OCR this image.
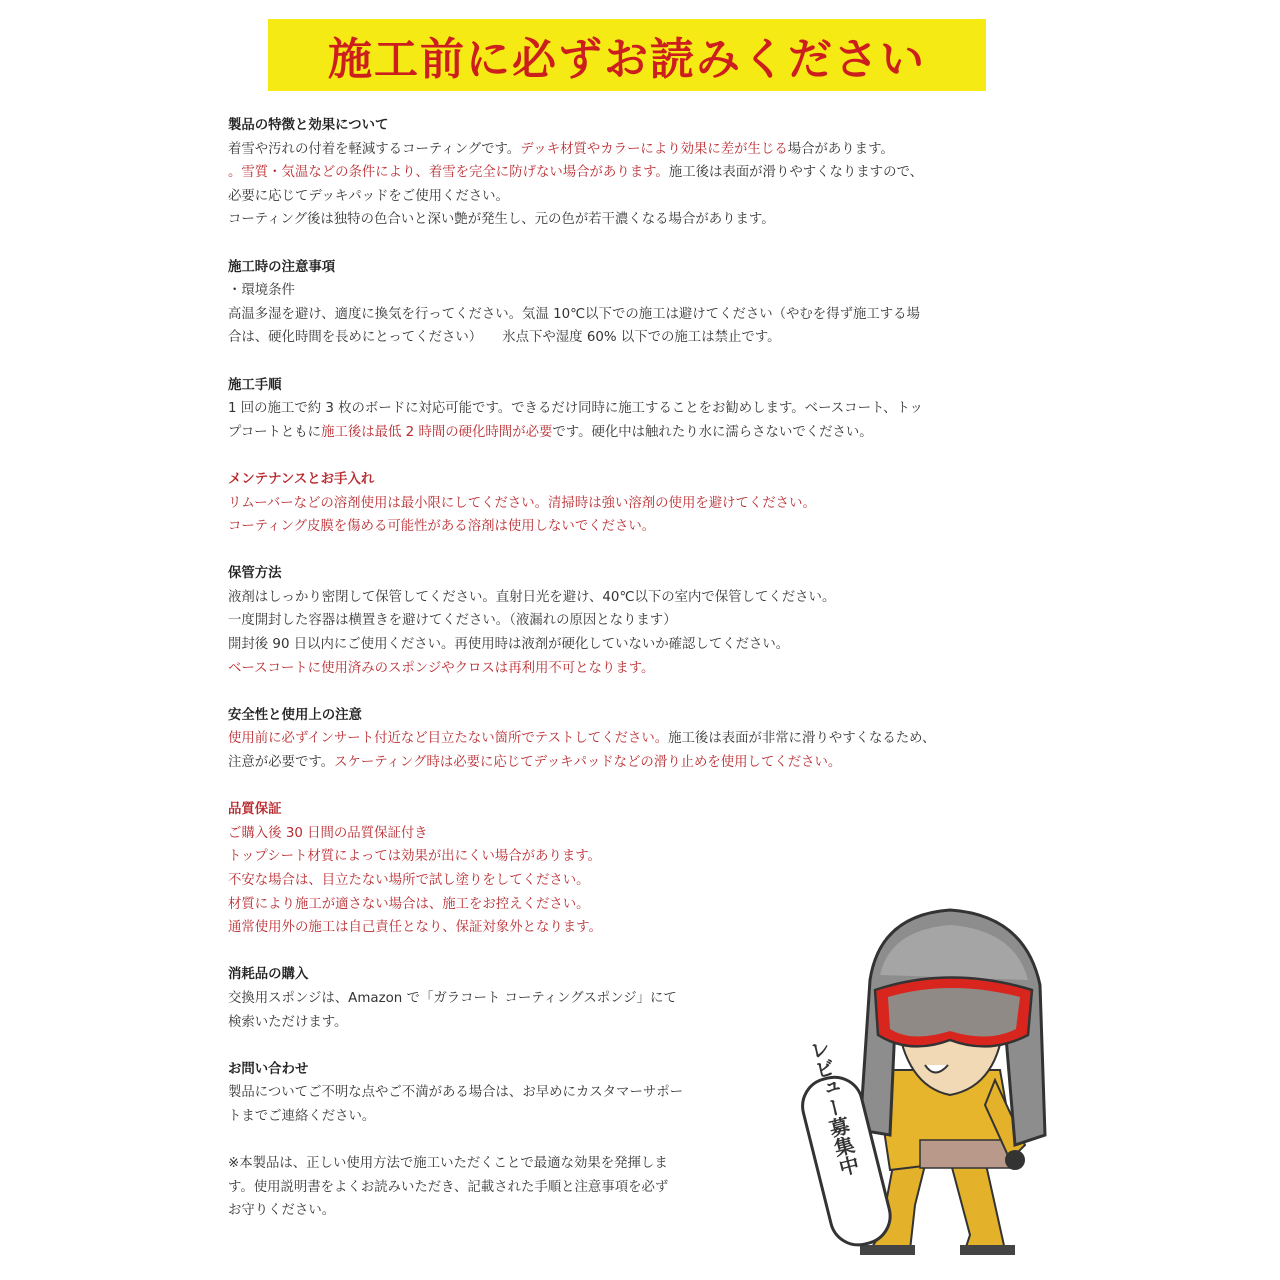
施工前に必ずお読みください
製品の特徴と効果について
着雪や汚れの付着を軽減するコーティングです。デッキ材質やカラーにより効果に差が生じる場合があります。
。雪質・気温などの条件により、着雪を完全に防げない場合があります。施工後は表面が滑りやすくなりますので、
必要に応じてデッキパッドをご使用ください。
コーティング後は独特の色合いと深い艶が発生し、元の色が若干濃くなる場合があります。
施工時の注意事項
・環境条件
高温多湿を避け、適度に換気を行ってください。気温 10℃以下での施工は避けてください（やむを得ず施工する場
合は、硬化時間を長めにとってください）　　氷点下や湿度 60% 以下での施工は禁止です。
施工手順
1 回の施工で約 3 枚のボードに対応可能です。できるだけ同時に施工することをお勧めします。ベースコート、トッ
プコートともに施工後は最低 2 時間の硬化時間が必要です。硬化中は触れたり水に濡らさないでください。
メンテナンスとお手入れ
リムーバーなどの溶剤使用は最小限にしてください。清掃時は強い溶剤の使用を避けてください。
コーティング皮膜を傷める可能性がある溶剤は使用しないでください。
保管方法
液剤はしっかり密閉して保管してください。直射日光を避け、40℃以下の室内で保管してください。
一度開封した容器は横置きを避けてください。（液漏れの原因となります）
開封後 90 日以内にご使用ください。再使用時は液剤が硬化していないか確認してください。
ベースコートに使用済みのスポンジやクロスは再利用不可となります。
安全性と使用上の注意
使用前に必ずインサート付近など目立たない箇所でテストしてください。施工後は表面が非常に滑りやすくなるため、
注意が必要です。スケーティング時は必要に応じてデッキパッドなどの滑り止めを使用してください。
品質保証
ご購入後 30 日間の品質保証付き
トップシート材質によっては効果が出にくい場合があります。
不安な場合は、目立たない場所で試し塗りをしてください。
材質により施工が適さない場合は、施工をお控えください。
通常使用外の施工は自己責任となり、保証対象外となります。
消耗品の購入
交換用スポンジは、Amazon で「ガラコート コーティングスポンジ」にて
検索いただけます。
お問い合わせ
製品についてご不明な点やご不満がある場合は、お早めにカスタマーサポー
トまでご連絡ください。
※本製品は、正しい使用方法で施工いただくことで最適な効果を発揮しま
す。使用説明書をよくお読みいただき、記載された手順と注意事項を必ず
お守りください。
レビュー募集中
